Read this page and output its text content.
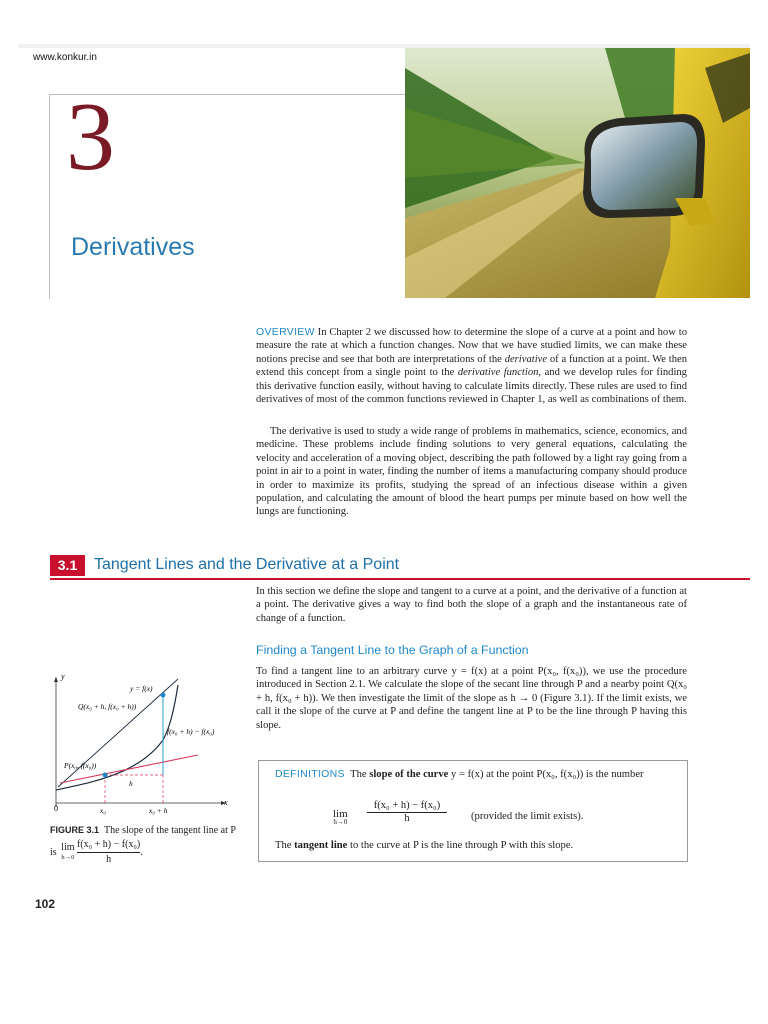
www.konkur.in
3
Derivatives
OVERVIEW In Chapter 2 we discussed how to determine the slope of a curve at a point and how to measure the rate at which a function changes. Now that we have studied limits, we can make these notions precise and see that both are interpretations of the derivative of a function at a point. We then extend this concept from a single point to the derivative function, and we develop rules for finding this derivative function easily, without having to calculate limits directly. These rules are used to find derivatives of most of the common functions reviewed in Chapter 1, as well as combinations of them.

The derivative is used to study a wide range of problems in mathematics, science, economics, and medicine. These problems include finding solutions to very general equations, calculating the velocity and acceleration of a moving object, describing the path followed by a light ray going from a point in air to a point in water, finding the number of items a manufacturing company should produce in order to maximize its profits, studying the spread of an infectious disease within a given population, and calculating the amount of blood the heart pumps per minute based on how well the lungs are functioning.

3.1	Tangent Lines and the Derivative at a Point

In this section we define the slope and tangent to a curve at a point, and the derivative of a function at a point. The derivative gives a way to find both the slope of a graph and the instantaneous rate of change of a function.

Finding a Tangent Line to the Graph of a Function

To find a tangent line to an arbitrary curve y = f(x) at a point P(x₀, f(x₀)), we use the procedure introduced in Section 2.1. We calculate the slope of the secant line through P and a nearby point Q(x₀ + h, f(x₀ + h)). We then investigate the limit of the slope as h → 0 (Figure 3.1). If the limit exists, we call it the slope of the curve at P and define the tangent line at P to be the line through P having this slope.

DEFINITIONS The slope of the curve y = f(x) at the point P(x₀, f(x₀)) is the number

lim
$h\to 0 \frac{\text{f(x₀ + h) − f(x₀)}}{h}$ (provided the limit exists).
The tangent line to the curve at P is the line through P with this slope.
y
x
0
y = f(x)
Q(x₀ + h, f(x₀ + h))
f(x₀ + h) − f(x₀)
P(x₀, f(x₀))
h
x₀	x₀ + h
FIGURE 3.1 The slope of the tangent line at P is lim
h→0
$\frac{\text{f(x₀ + h) − f(x₀)}}{h}$ .
102
